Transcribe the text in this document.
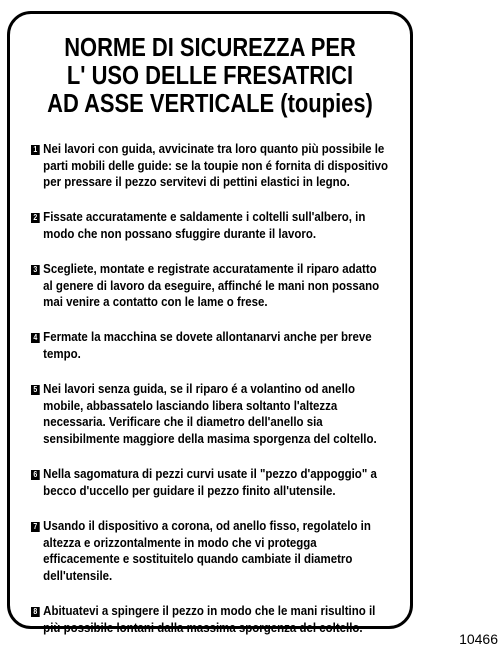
NORME DI SICUREZZA PER
L' USO DELLE FRESATRICI
AD ASSE VERTICALE (toupies)
1 Nei lavori con guida, avvicinate tra loro quanto più possibile le
parti mobili delle guide: se la toupie non é fornita di dispositivo
per pressare il pezzo servitevi di pettini elastici in legno.
2 Fissate accuratamente e saldamente i coltelli sull'albero, in
modo che non possano sfuggire durante il lavoro.
3 Scegliete, montate e registrate accuratamente il riparo adatto
al genere di lavoro da eseguire, affinché le mani non possano
mai venire a contatto con le lame o frese.
4 Fermate la macchina se dovete allontanarvi anche per breve
tempo.
5 Nei lavori senza guida, se il riparo é a volantino od anello
mobile, abbassatelo lasciando libera soltanto l'altezza
necessaria. Verificare che il diametro dell'anello sia
sensibilmente maggiore della masima sporgenza del coltello.
6 Nella sagomatura di pezzi curvi usate il "pezzo d'appoggio" a
becco d'uccello per guidare il pezzo finito all'utensile.
7 Usando il dispositivo a corona, od anello fisso, regolatelo in
altezza e orizzontalmente in modo che vi protegga
efficacemente e sostituitelo quando cambiate il diametro
dell'utensile.
8 Abituatevi a spingere il pezzo in modo che le mani risultino il
più possibile lontani dalla massima sporgenza del coltello.
10466
